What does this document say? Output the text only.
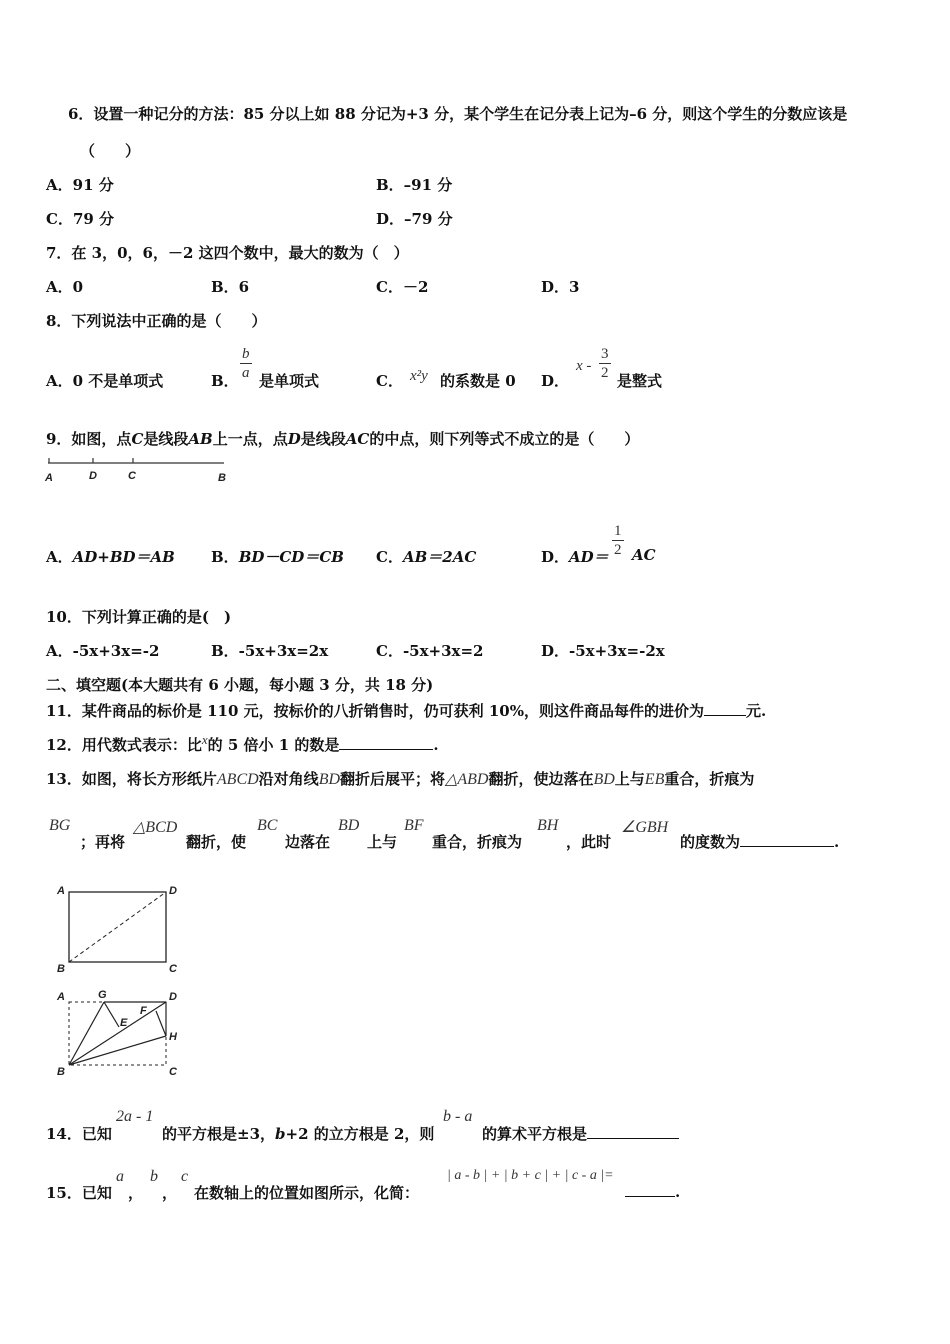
6．设置一种记分的方法：85 分以上如 88 分记为+3 分，某个学生在记分表上记为–6 分，则这个学生的分数应该是
（　　）
A．91 分	B．–91 分
C．79 分	D．–79 分
7．在 3，0，6，－2 这四个数中，最大的数为（　）
A．0	B．6	C．－2	D．3
8．下列说法中正确的是（　　）
A．0 不是单项式	B． $\frac{b}{a}$ 是单项式	C． x²y 的系数是 0 D．
x - $\frac{3}{2}$ 是整式
9．如图，点C是线段AB上一点，点D是线段AC的中点，则下列等式不成立的是（　　）
A	D	C	B
A．AD+BD＝AB B．BD－CD＝CB C．AB＝2AC	D．$AD= \frac{1}{2}$ AC
10．下列计算正确的是(　)
A．-5x+3x=-2	B．-5x+3x=2x	C．-5x+3x=2	D．-5x+3x=-2x
二、填空题(本大题共有 6 小题，每小题 3 分，共 18 分)
11．某件商品的标价是 110 元，按标价的八折销售时，仍可获利 10%，则这件商品每件的进价为	元.
12．用代数式表示：比x的 5 倍小 1 的数是	.
13．如图，将长方形纸片ABCD沿对角线BD翻折后展平；将△ABD翻折，使边落在BD上与EB重合，折痕为
BG
；再将
△BCD
翻折，使
BC
边落在
BD
上与
BF
重合，折痕为
BH
，此时
∠GBH
的度数为	.
A	D
B	C
A	G	D
E
F
H
B	C
14．已知
2a - 1
的平方根是±3，b+2 的立方根是 2，则
b - a
的算术平方根是
15．已知
a
，
b
，
c
在数轴上的位置如图所示，化简：
| a - b | + | b + c | + | c - a |=
.
